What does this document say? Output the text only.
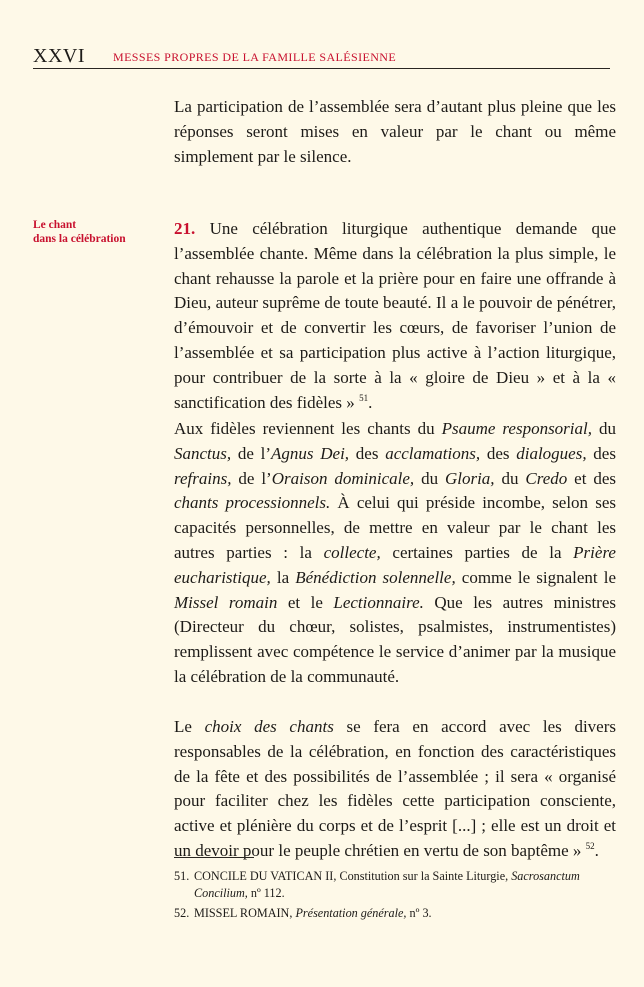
XXVI MESSES PROPRES DE LA FAMILLE SALÉSIENNE
Le chant
dans la célébration

La participation de l’assemblée sera d’autant plus pleine que les réponses seront mises en valeur par le chant ou même simplement par le silence.

21. Une célébration liturgique authentique demande que l’assemblée chante. Même dans la célébration la plus simple, le chant rehausse la parole et la prière pour en faire une offrande à Dieu, auteur suprême de toute beauté. Il a le pouvoir de pénétrer, d’émouvoir et de convertir les cœurs, de favoriser l’union de l’assemblée et sa participation plus active à l’action liturgique, pour contribuer de la sorte à la « gloire de Dieu » et à la « sanctification des fidèles » $^{51}$.

Aux fidèles reviennent les chants du Psaume responsorial, du Sanctus, de l’Agnus Dei, des acclamations, des dialogues, des refrains, de l’Oraison dominicale, du Gloria, du Credo et des chants processionnels. À celui qui préside incombe, selon ses capacités personnelles, de mettre en valeur par le chant les autres parties : la collecte, certaines parties de la Prière eucharistique, la Bénédiction solennelle, comme le signalent le Missel romain et le Lectionnaire. Que les autres ministres (Directeur du chœur, solistes, psalmistes, instrumentistes) remplissent avec compétence le service d’animer par la musique la célébration de la communauté.

Le choix des chants se fera en accord avec les divers responsables de la célébration, en fonction des caractéristiques de la fête et des possibilités de l’assemblée ; il sera « organisé pour faciliter chez les fidèles cette participation consciente, active et plénière du corps et de l’esprit [...] ; elle est un droit et un devoir pour le peuple chrétien en vertu de son baptême » $^{52}$.

51. CONCILE DU VATICAN II, Constitution sur la Sainte Liturgie, Sacrosanctum Concilium, nº 112.
52. MISSEL ROMAIN, Présentation générale, nº 3.
